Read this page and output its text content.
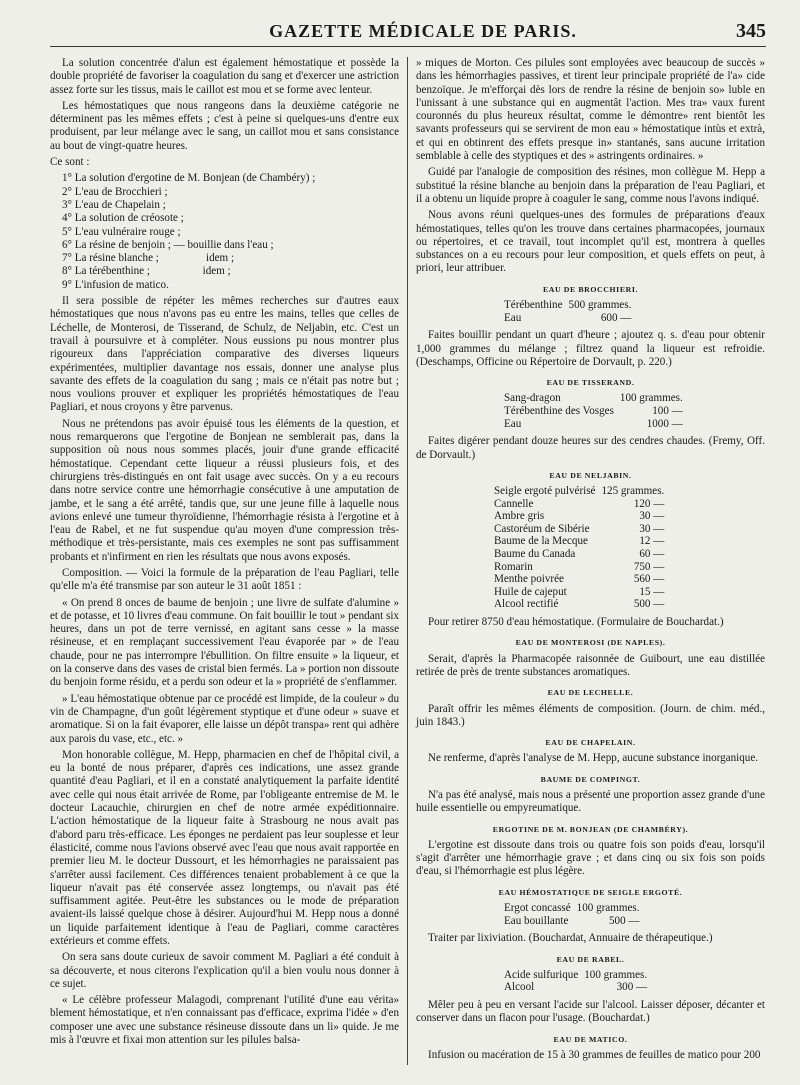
GAZETTE MÉDICALE DE PARIS.	345

La solution concentrée d'alun est également hémostatique et possède la double propriété de favoriser la coagulation du sang et d'exercer une astriction assez forte sur les tissus, mais le caillot est mou et se forme avec lenteur.

Les hémostatiques que nous rangeons dans la deuxième catégorie ne déterminent pas les mêmes effets ; c'est à peine si quelques-uns d'entre eux produisent, par leur mélange avec le sang, un caillot mou et sans consistance au bout de vingt-quatre heures.

Ce sont :

1° La solution d'ergotine de M. Bonjean (de Chambéry) ;
2° L'eau de Brocchieri ;
3° L'eau de Chapelain ;
4° La solution de créosote ;
5° L'eau vulnéraire rouge ;
6° La résine de benjoin ; — bouillie dans l'eau ;
7° La résine blanche ;                 idem ;
8° La térébenthine ;                   idem ;
9° L'infusion de matico.

Il sera possible de répéter les mêmes recherches sur d'autres eaux hémostatiques que nous n'avons pas eu entre les mains, telles que celles de Léchelle, de Monterosi, de Tisserand, de Schulz, de Neljabin, etc. C'est un travail à poursuivre et à compléter. Nous eussions pu nous montrer plus rigoureux dans l'appréciation comparative des diverses liqueurs expérimentées, multiplier davantage nos essais, donner une analyse plus savante des effets de la coagulation du sang ; mais ce n'était pas notre but ; nous voulions prouver et expliquer les propriétés hémostatiques de l'eau Pagliari, et nous croyons y être parvenus.

Nous ne prétendons pas avoir épuisé tous les éléments de la question, et nous remarquerons que l'ergotine de Bonjean ne semblerait pas, dans la supposition où nous nous sommes placés, jouir d'une grande efficacité hémostatique. Cependant cette liqueur a réussi plusieurs fois, et des chirurgiens très-distingués en ont fait usage avec succès. On y a eu recours dans notre service contre une hémorrhagie consécutive à une amputation de jambe, et le sang a été arrêté, tandis que, sur une jeune fille à laquelle nous avions enlevé une tumeur thyroïdienne, l'hémorrhagie résista à l'ergotine et à l'eau de Rabel, et ne fut suspendue qu'au moyen d'une compression très-méthodique et très-persistante, mais ces exemples ne sont pas suffisamment probants et n'infirment en rien les résultats que nous avons exposés.

Composition. — Voici la formule de la préparation de l'eau Pagliari, telle qu'elle m'a été transmise par son auteur le 31 août 1851 :

« On prend 8 onces de baume de benjoin ; une livre de sulfate d'alumine » et de potasse, et 10 livres d'eau commune. On fait bouillir le tout » pendant six heures, dans un pot de terre vernissé, en agitant sans cesse » la masse résineuse, et en remplaçant successivement l'eau évaporée par » de l'eau chaude, pour ne pas interrompre l'ébullition. On filtre ensuite » la liqueur, et on la conserve dans des vases de cristal bien fermés. La » portion non dissoute du benjoin forme résidu, et a perdu son odeur et la » propriété de s'enflammer.

» L'eau hémostatique obtenue par ce procédé est limpide, de la couleur » du vin de Champagne, d'un goût légèrement styptique et d'une odeur » suave et aromatique. Si on la fait évaporer, elle laisse un dépôt transpa» rent qui adhère aux parois du vase, etc., etc. »

Mon honorable collègue, M. Hepp, pharmacien en chef de l'hôpital civil, a eu la bonté de nous préparer, d'après ces indications, une assez grande quantité d'eau Pagliari, et il en a constaté analytiquement la parfaite identité avec celle qui nous était arrivée de Rome, par l'obligeante entremise de M. le docteur Lacauchie, chirurgien en chef de notre armée expéditionnaire. L'action hémostatique de la liqueur faite à Strasbourg ne nous avait pas d'abord paru très-efficace. Les éponges ne perdaient pas leur souplesse et leur élasticité, comme nous l'avions observé avec l'eau que nous avait rapportée en premier lieu M. le docteur Dussourt, et les hémorrhagies ne paraissaient pas s'arrêter aussi facilement. Ces différences tenaient probablement à ce que la liqueur n'avait pas été conservée assez longtemps, ou n'avait pas été suffisamment agitée. Peut-être les substances ou le mode de préparation avaient-ils laissé quelque chose à désirer. Aujourd'hui M. Hepp nous a donné un liquide parfaitement identique à l'eau de Pagliari, comme caractères extérieurs et comme effets.

On sera sans doute curieux de savoir comment M. Pagliari a été conduit à sa découverte, et nous citerons l'explication qu'il a bien voulu nous donner à ce sujet.

« Le célèbre professeur Malagodi, comprenant l'utilité d'une eau vérita» blement hémostatique, et n'en connaissant pas d'efficace, exprima l'idée » d'en composer une avec une substance résineuse dissoute dans un li» quide. Je me mis à l'œuvre et fixai mon attention sur les pilules balsa-

» miques de Morton. Ces pilules sont employées avec beaucoup de succès » dans les hémorrhagies passives, et tirent leur principale propriété de l'a» cide benzoïque. Je m'efforçai dès lors de rendre la résine de benjoin so» luble en l'unissant à une substance qui en augmentât l'action. Mes tra» vaux furent couronnés du plus heureux résultat, comme le démontre» rent bientôt les savants professeurs qui se servirent de mon eau » hémostatique intùs et extrà, et qui en obtinrent des effets presque in» stantanés, sans aucune irritation semblable à celle des styptiques et des » astringents ordinaires. »

Guidé par l'analogie de composition des résines, mon collègue M. Hepp a substitué la résine blanche au benjoin dans la préparation de l'eau Pagliari, et il a obtenu un liquide propre à coaguler le sang, comme nous l'avons indiqué.

Nous avons réuni quelques-unes des formules de préparations d'eaux hémostatiques, telles qu'on les trouve dans certaines pharmacopées, journaux ou répertoires, et ce travail, tout incomplet qu'il est, montrera à quelles substances on a eu recours pour leur composition, et quels effets on peut, à priori, leur attribuer.

EAU DE BROCCHIERI.
Térébenthine	500 grammes.
Eau	600 —

Faites bouillir pendant un quart d'heure ; ajoutez q. s. d'eau pour obtenir 1,000 grammes du mélange ; filtrez quand la liqueur est refroidie. (Deschamps, Officine ou Répertoire de Dorvault, p. 220.)

EAU DE TISSERAND.
Sang-dragon	100 grammes.
Térébenthine des Vosges	100 —
Eau	1000 —

Faites digérer pendant douze heures sur des cendres chaudes. (Fremy, Off. de Dorvault.)

EAU DE NELJABIN.
Seigle ergoté pulvérisé	125 grammes.
Cannelle	120 —
Ambre gris	30 —
Castoréum de Sibérie	30 —
Baume de la Mecque	12 —
Baume du Canada	60 —
Romarin	750 —
Menthe poivrée	560 —
Huile de cajeput	15 —
Alcool rectifié	500 —

Pour retirer 8750 d'eau hémostatique. (Formulaire de Bouchardat.)

EAU DE MONTEROSI (DE NAPLES).

Serait, d'après la Pharmacopée raisonnée de Guibourt, une eau distillée retirée de près de trente substances aromatiques.

EAU DE LECHELLE.

Paraît offrir les mêmes éléments de composition. (Journ. de chim. méd., juin 1843.)

EAU DE CHAPELAIN.

Ne renferme, d'après l'analyse de M. Hepp, aucune substance inorganique.

BAUME DE COMPINGT.

N'a pas été analysé, mais nous a présenté une proportion assez grande d'une huile essentielle ou empyreumatique.

ERGOTINE DE M. BONJEAN (DE CHAMBÉRY).

L'ergotine est dissoute dans trois ou quatre fois son poids d'eau, lorsqu'il s'agit d'arrêter une hémorrhagie grave ; et dans cinq ou six fois son poids d'eau, si l'hémorrhagie est plus légère.

EAU HÉMOSTATIQUE DE SEIGLE ERGOTÉ.
Ergot concassé	100 grammes.
Eau bouillante	500 —

Traiter par lixiviation. (Bouchardat, Annuaire de thérapeutique.)

EAU DE RABEL.
Acide sulfurique	100 grammes.
Alcool	300 —

Mêler peu à peu en versant l'acide sur l'alcool. Laisser déposer, décanter et conserver dans un flacon pour l'usage. (Bouchardat.)

EAU DE MATICO.

Infusion ou macération de 15 à 30 grammes de feuilles de matico pour 200
